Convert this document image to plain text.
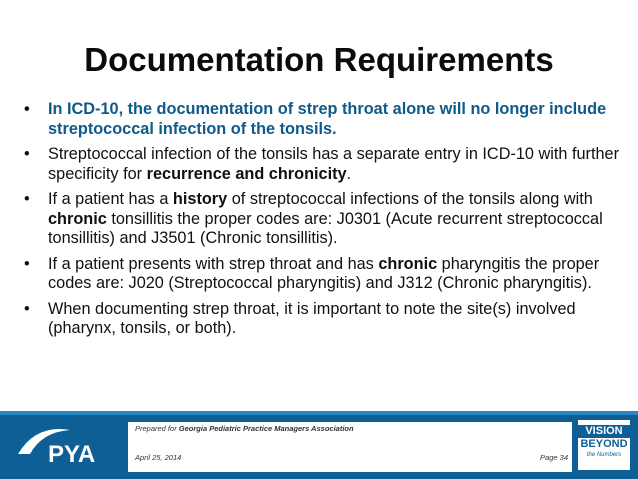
Documentation Requirements
• In ICD-10, the documentation of strep throat alone will no longer include streptococcal infection of the tonsils.
• Streptococcal infection of the tonsils has a separate entry in ICD-10 with further specificity for recurrence and chronicity.
• If a patient has a history of streptococcal infections of the tonsils along with chronic tonsillitis the proper codes are: J0301 (Acute recurrent streptococcal tonsillitis) and J3501 (Chronic tonsillitis).
• If a patient presents with strep throat and has chronic pharyngitis the proper codes are: J020 (Streptococcal pharyngitis) and J312 (Chronic pharyngitis).
• When documenting strep throat, it is important to note the site(s) involved (pharynx, tonsils, or both).
PYA
Prepared for Georgia Pediatric Practice Managers Association
April 25, 2014	Page 34
VISION
BEYOND
the Numbers
